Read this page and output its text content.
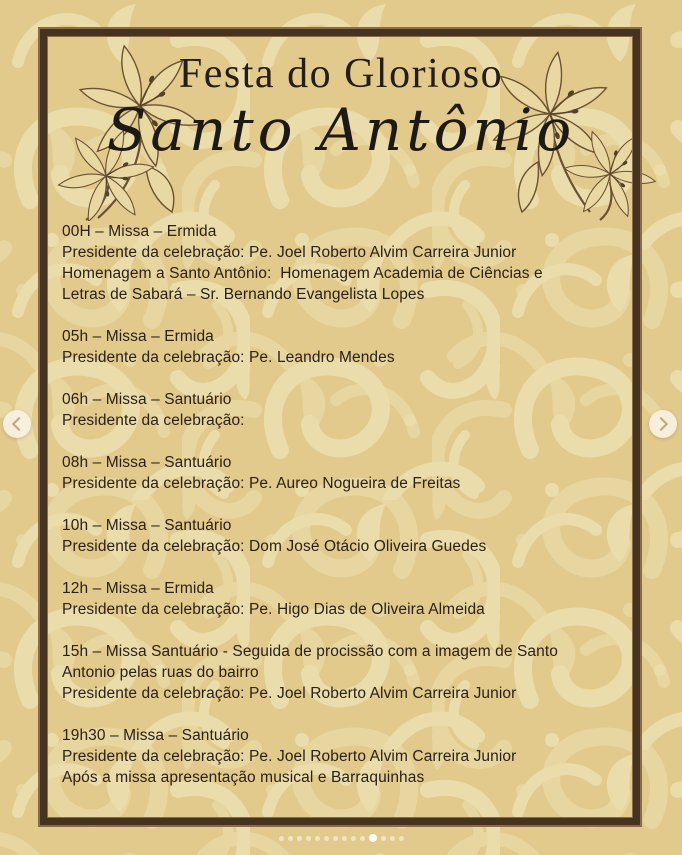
Festa do Glorioso
Santo Antônio
00H – Missa – Ermida
Presidente da celebração: Pe. Joel Roberto Alvim Carreira Junior
Homenagem a Santo Antônio:  Homenagem Academia de Ciências e
Letras de Sabará – Sr. Bernando Evangelista Lopes
05h – Missa – Ermida
Presidente da celebração: Pe. Leandro Mendes
06h – Missa – Santuário
Presidente da celebração:
08h – Missa – Santuário
Presidente da celebração: Pe. Aureo Nogueira de Freitas
10h – Missa – Santuário
Presidente da celebração: Dom José Otácio Oliveira Guedes
12h – Missa – Ermida
Presidente da celebração: Pe. Higo Dias de Oliveira Almeida
15h – Missa Santuário - Seguida de procissão com a imagem de Santo
Antonio pelas ruas do bairro
Presidente da celebração: Pe. Joel Roberto Alvim Carreira Junior
19h30 – Missa – Santuário
Presidente da celebração: Pe. Joel Roberto Alvim Carreira Junior
Após a missa apresentação musical e Barraquinhas
